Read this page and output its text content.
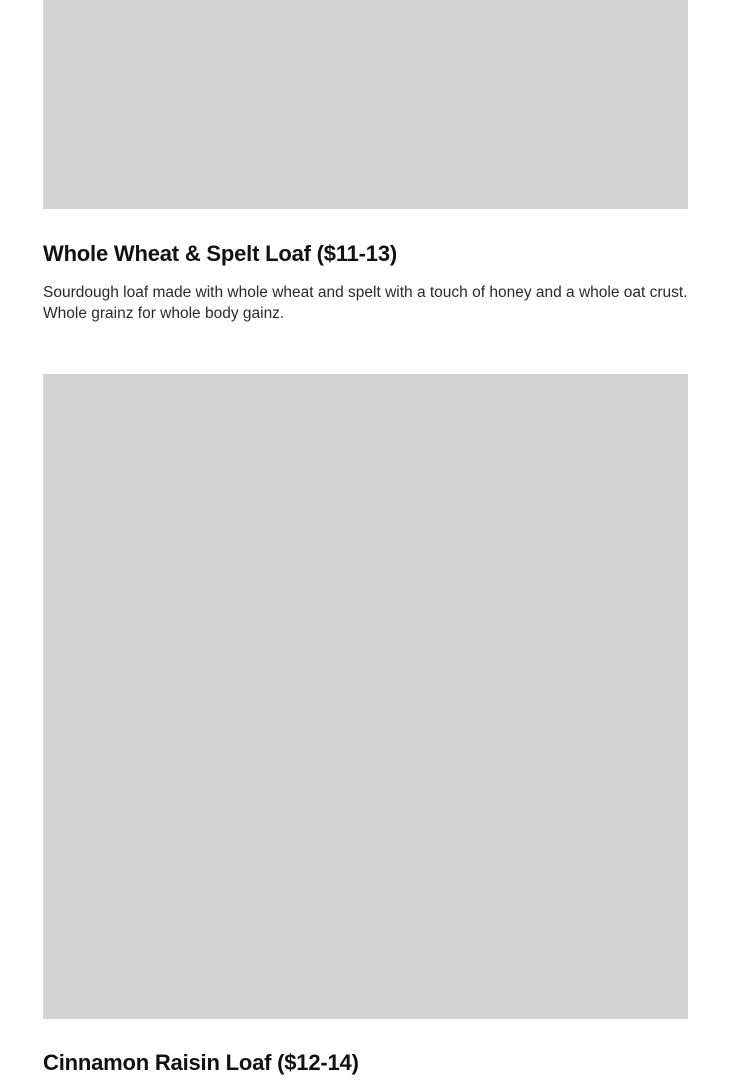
Whole Wheat & Spelt Loaf ($11-13)

Sourdough loaf made with whole wheat and spelt with a touch of honey and a whole oat crust. Whole grainz for whole body gainz.

Cinnamon Raisin Loaf ($12-14)
